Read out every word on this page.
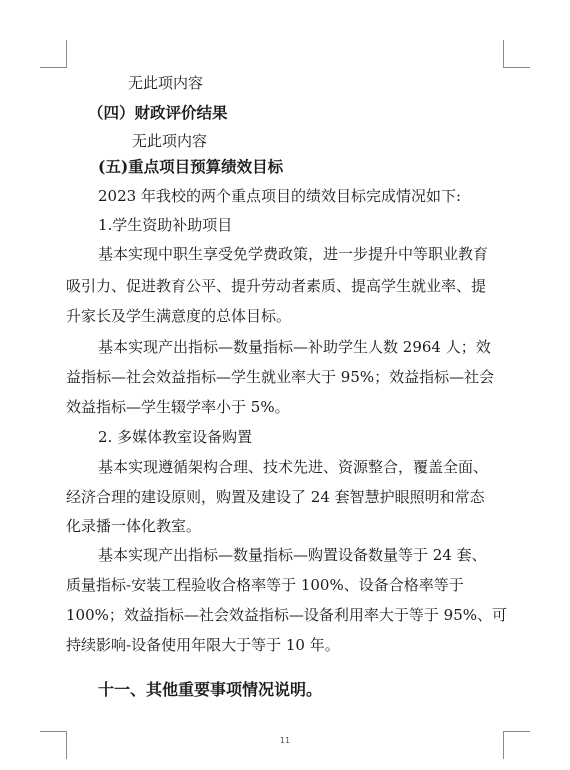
无此项内容
（四）财政评价结果
无此项内容
(五)重点项目预算绩效目标
2023 年我校的两个重点项目的绩效目标完成情况如下:
1.学生资助补助项目
基本实现中职生享受免学费政策，进一步提升中等职业教育
吸引力、促进教育公平、提升劳动者素质、提高学生就业率、提
升家长及学生满意度的总体目标。
基本实现产出指标—数量指标—补助学生人数 2964 人；效
益指标—社会效益指标—学生就业率大于 95%；效益指标—社会
效益指标—学生辍学率小于 5%。
2. 多媒体教室设备购置
基本实现遵循架构合理、技术先进、资源整合，覆盖全面、
经济合理的建设原则，购置及建设了 24 套智慧护眼照明和常态
化录播一体化教室。
基本实现产出指标—数量指标—购置设备数量等于 24 套、
质量指标-安装工程验收合格率等于 100%、设备合格率等于
100%；效益指标—社会效益指标—设备利用率大于等于 95%、可
持续影响-设备使用年限大于等于 10 年。
十一、其他重要事项情况说明。
11
